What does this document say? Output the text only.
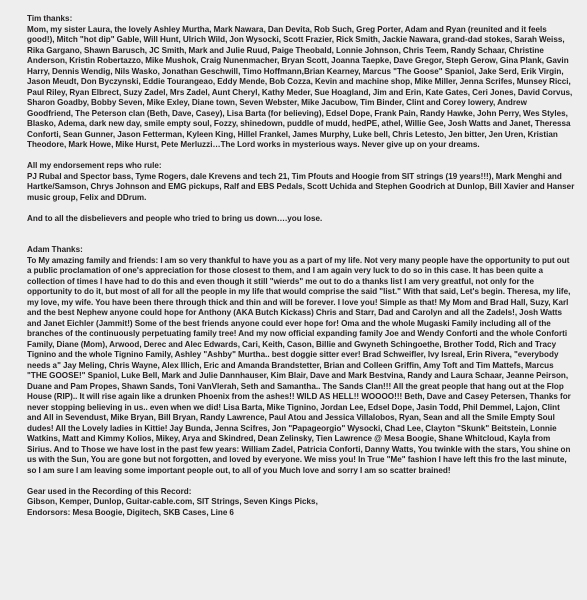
Tim thanks:

Mom, my sister Laura, the lovely Ashley Murtha, Mark Nawara, Dan Devita, Rob Such, Greg Porter, Adam and Ryan (reunited and it feels good!), Mitch "hot dip" Gable, Will Hunt, Ulrich Wild, Jon Wysocki, Scott Frazier, Rick Smith, Jackie Nawara, grand-dad stokes, Sarah Weiss, Rika Gargano, Shawn Barusch, JC Smith, Mark and Julie Ruud, Paige Theobald, Lonnie Johnson, Chris Teem, Randy Schaar, Christine Anderson, Kristin Robertazzo, Mike Mushok, Craig Nunenmacher, Bryan Scott, Joanna Taepke, Dave Gregor, Steph Gerow, Gina Plank, Gavin Harry, Dennis Wendig, Nils Wasko, Jonathan Geschwill, Timo Hoffmann,Brian Kearney, Marcus "The Goose" Spaniol, Jake Serd, Erik Virgin, Jason Meudt, Don Byczynski, Eddie Tourangeao, Eddy Mende, Bob Cozza, Kevin and machine shop, Mike Miller, Jenna Scrifes, Munsey Ricci, Paul Riley, Ryan Elbrect, Suzy Zadel, Mrs Zadel, Aunt Cheryl, Kathy Meder, Sue Hoagland, Jim and Erin, Kate Gates, Ceri Jones, David Corvus, Sharon Goadby, Bobby Seven, Mike Exley, Diane town, Seven Webster, Mike Jacubow, Tim Binder, Clint and Corey lowery, Andrew Goodfriend, The Peterson clan (Beth, Dave, Casey), Lisa Barta (for believing), Edsel Dope, Frank Pain, Randy Hawke, John Perry, Wes Styles, Blasko, Adema, dark new day, smile empty soul, Fozzy, shinedown, puddle of mudd, hedPE, athel, Willie Gee, Josh Watts and Janet, Theressa Conforti, Sean Gunner, Jason Fetterman, Kyleen King, Hillel Frankel, James Murphy, Luke bell, Chris Letesto, Jen bitter, Jen Uren, Kristian Theodore, Mark Howe, Mike Hurst, Pete Merluzzi…The Lord works in mysterious ways. Never give up on your dreams.

All my endorsement reps who rule:
PJ Rubal and Spector bass, Tyme Rogers, dale Krevens and tech 21, Tim Pfouts and Hoogie from SIT strings (19 years!!!), Mark Menghi and Hartke/Samson, Chrys Johnson and EMG pickups, Ralf and EBS Pedals, Scott Uchida and Stephen Goodrich at Dunlop, Bill Xavier and Hanser music group, Felix and DDrum.

And to all the disbelievers and people who tried to bring us down….you lose.

Adam Thanks:

To My amazing family and friends: I am so very thankful to have you as a part of my life. Not very many people have the opportunity to put out a public proclamation of one's appreciation for those closest to them, and I am again very luck to do so in this case. It has been quite a collection of times I have had to do this and even though it still "wierds" me out to do a thanks list I am very greatful, not only for the opportunity to do it, but most of all for all the people in my life that would comprise the said "list." With that said, Let's begin. Theresa, my life, my love, my wife. You have been there through thick and thin and will be forever. I love you! Simple as that! My Mom and Brad Hall, Suzy, Karl and the best Nephew anyone could hope for Anthony (AKA Butch Kickass) Chris and Starr, Dad and Carolyn and all the Zadels!, Josh Watts and Janet Eichler (Jammit!) Some of the best friends anyone could ever hope for! Oma and the whole Mugaski Family including all of the branches of the continuously perpetuating family tree! And my now official expanding family Joe and Wendy Conforti and the whole Conforti Family, Diane (Mom), Arwood, Derec and Alec Edwards, Cari, Keith, Cason, Billie and Gwyneth Schingoethe, Brother Todd, Rich and Tracy Tignino and the whole Tignino Family, Ashley "Ashby" Murtha.. best doggie sitter ever! Brad Schweifler, Ivy Isreal, Erin Rivera, "everybody needs a" Jay Meling, Chris Wayne, Alex Illich, Eric and Amanda Brandstetter, Brian and Colleen Griffin, Amy Toft and Tim Mattefs, Marcus "THE GOOSE!" Spaniol, Luke Bell, Mark and Julie Dannhauser, Kim Blair, Dave and Mark Bestvina, Randy and Laura Schaar, Jeanne Peirson, Duane and Pam Propes, Shawn Sands, Toni VanVlerah, Seth and Samantha.. The Sands Clan!!! All the great people that hang out at the Flop House (RIP).. It will rise again like a drunken Phoenix from the ashes!! WILD AS HELL!! WOOOO!!! Beth, Dave and Casey Petersen, Thanks for never stopping believing in us.. even when we did! Lisa Barta, Mike Tignino, Jordan Lee, Edsel Dope, Jasin Todd, Phil Demmel, Lajon, Clint and All in Sevendust, Mike Bryan, Bill Bryan, Randy Lawrence, Paul Atou and Jessica Villalobos, Ryan, Sean and all the Smile Empty Soul dudes! All the Lovely ladies in Kittie! Jay Bunda, Jenna Scifres, Jon "Papageorgio" Wysocki, Chad Lee, Clayton "Skunk" Beitstein, Lonnie Watkins, Matt and Kimmy Kolios, Mikey, Arya and Skindred, Dean Zelinsky, Tien Lawrence @ Mesa Boogie, Shane Whitcloud, Kayla from Sirius. And to Those we have lost in the past few years: William Zadel, Patricia Conforti, Danny Watts, You twinkle with the stars, You shine on us with the Sun, You are gone but not forgotten, and loved by everyone. We miss you! In True "Me" fashion I have left this fro the last minute, so I am sure I am leaving some important people out, to all of you Much love and sorry I am so scatter brained!

Gear used in the Recording of this Record:
Gibson, Kemper, Dunlop, Guitar-cable.com, SIT Strings, Seven Kings Picks,
Endorsors: Mesa Boogie, Digitech, SKB Cases, Line 6
